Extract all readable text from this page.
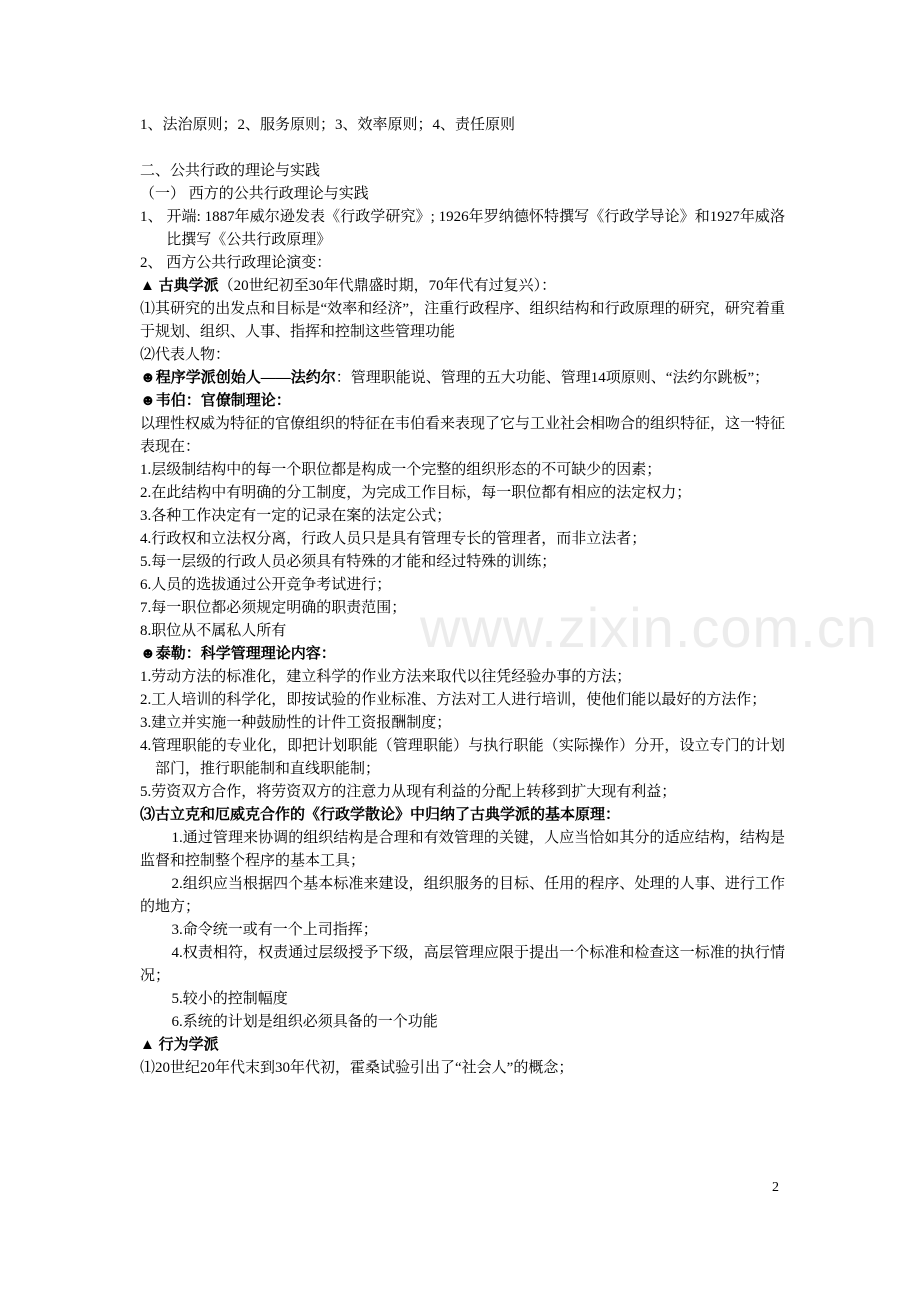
1、法治原则；2、服务原则；3、效率原则；4、责任原则

二、公共行政的理论与实践

（一） 西方的公共行政理论与实践

1、 开端: 1887年威尔逊发表《行政学研究》; 1926年罗纳德怀特撰写《行政学导论》和1927年威洛比撰写《公共行政原理》

2、 西方公共行政理论演变：

▲ 古典学派（20世纪初至30年代鼎盛时期，70年代有过复兴）：

⑴其研究的出发点和目标是“效率和经济”，注重行政程序、组织结构和行政原理的研究，研究着重于规划、组织、人事、指挥和控制这些管理功能

⑵代表人物：

☻程序学派创始人——法约尔：管理职能说、管理的五大功能、管理14项原则、“法约尔跳板”；

☻韦伯：官僚制理论：

以理性权威为特征的官僚组织的特征在韦伯看来表现了它与工业社会相吻合的组织特征，这一特征表现在：

1.层级制结构中的每一个职位都是构成一个完整的组织形态的不可缺少的因素；

2.在此结构中有明确的分工制度，为完成工作目标，每一职位都有相应的法定权力；

3.各种工作决定有一定的记录在案的法定公式；

4.行政权和立法权分离，行政人员只是具有管理专长的管理者，而非立法者；

5.每一层级的行政人员必须具有特殊的才能和经过特殊的训练；

6.人员的选拔通过公开竞争考试进行；

7.每一职位都必须规定明确的职责范围；

8.职位从不属私人所有

☻泰勒：科学管理理论内容：

1.劳动方法的标准化，建立科学的作业方法来取代以往凭经验办事的方法；

2.工人培训的科学化，即按试验的作业标准、方法对工人进行培训，使他们能以最好的方法作；

3.建立并实施一种鼓励性的计件工资报酬制度；

4.管理职能的专业化，即把计划职能（管理职能）与执行职能（实际操作）分开，设立专门的计划部门，推行职能制和直线职能制；

5.劳资双方合作，将劳资双方的注意力从现有利益的分配上转移到扩大现有利益；

⑶古立克和厄威克合作的《行政学散论》中归纳了古典学派的基本原理：

1.通过管理来协调的组织结构是合理和有效管理的关键，人应当恰如其分的适应结构，结构是监督和控制整个程序的基本工具；

2.组织应当根据四个基本标准来建设，组织服务的目标、任用的程序、处理的人事、进行工作的地方；

3.命令统一或有一个上司指挥；

4.权责相符，权责通过层级授予下级，高层管理应限于提出一个标准和检查这一标准的执行情况；

5.较小的控制幅度

6.系统的计划是组织必须具备的一个功能

▲ 行为学派

⑴20世纪20年代末到30年代初，霍桑试验引出了“社会人”的概念；

www.zixin.com.cn
2
